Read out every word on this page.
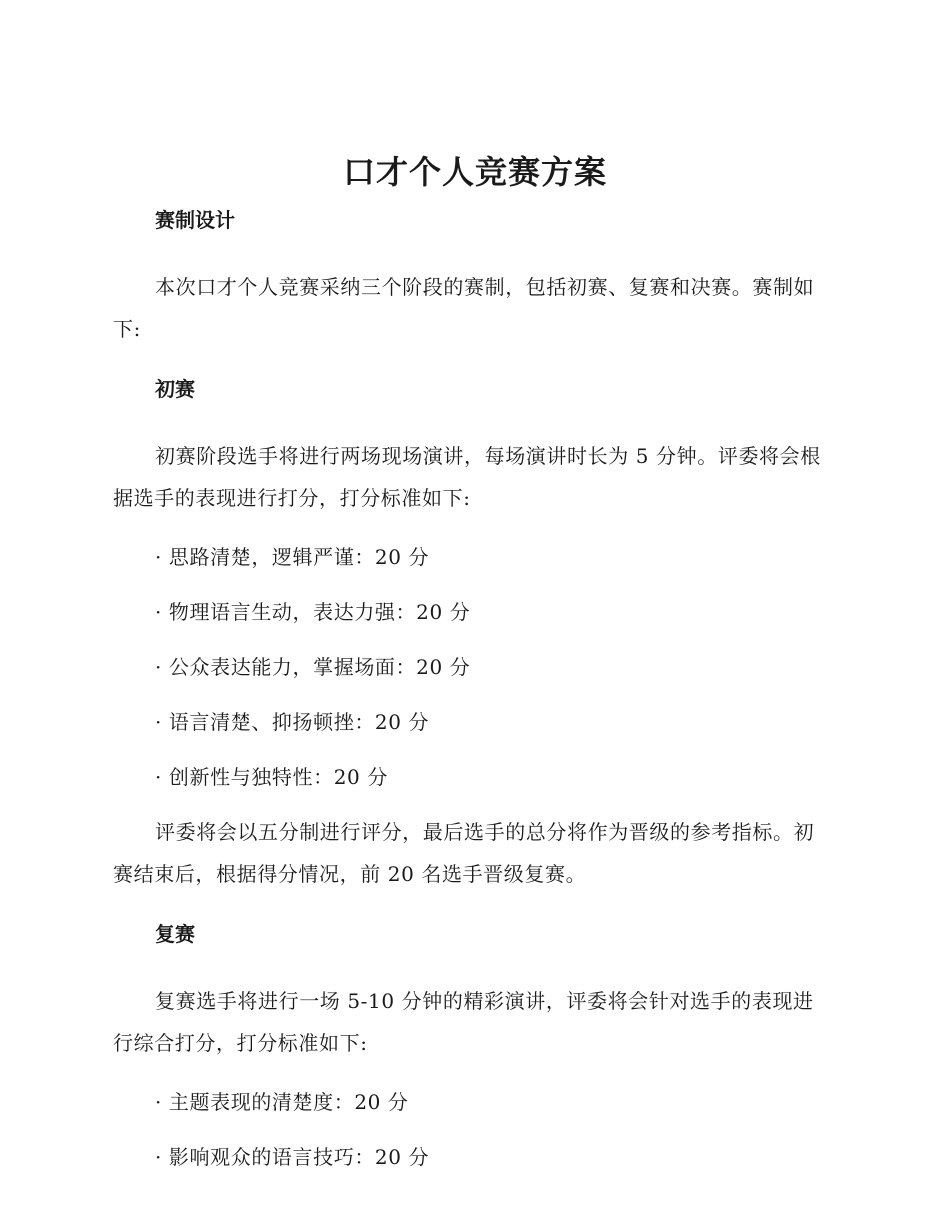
口才个人竞赛方案
赛制设计

本次口才个人竞赛采纳三个阶段的赛制，包括初赛、复赛和决赛。赛制如下:

初赛

初赛阶段选手将进行两场现场演讲，每场演讲时长为 5 分钟。评委将会根据选手的表现进行打分，打分标准如下:

· 思路清楚，逻辑严谨：20 分
· 物理语言生动，表达力强：20 分
· 公众表达能力，掌握场面：20 分
· 语言清楚、抑扬顿挫：20 分
· 创新性与独特性：20 分

评委将会以五分制进行评分，最后选手的总分将作为晋级的参考指标。初赛结束后，根据得分情况，前 20 名选手晋级复赛。

复赛

复赛选手将进行一场 5-10 分钟的精彩演讲，评委将会针对选手的表现进行综合打分，打分标准如下:

· 主题表现的清楚度：20 分
· 影响观众的语言技巧：20 分
